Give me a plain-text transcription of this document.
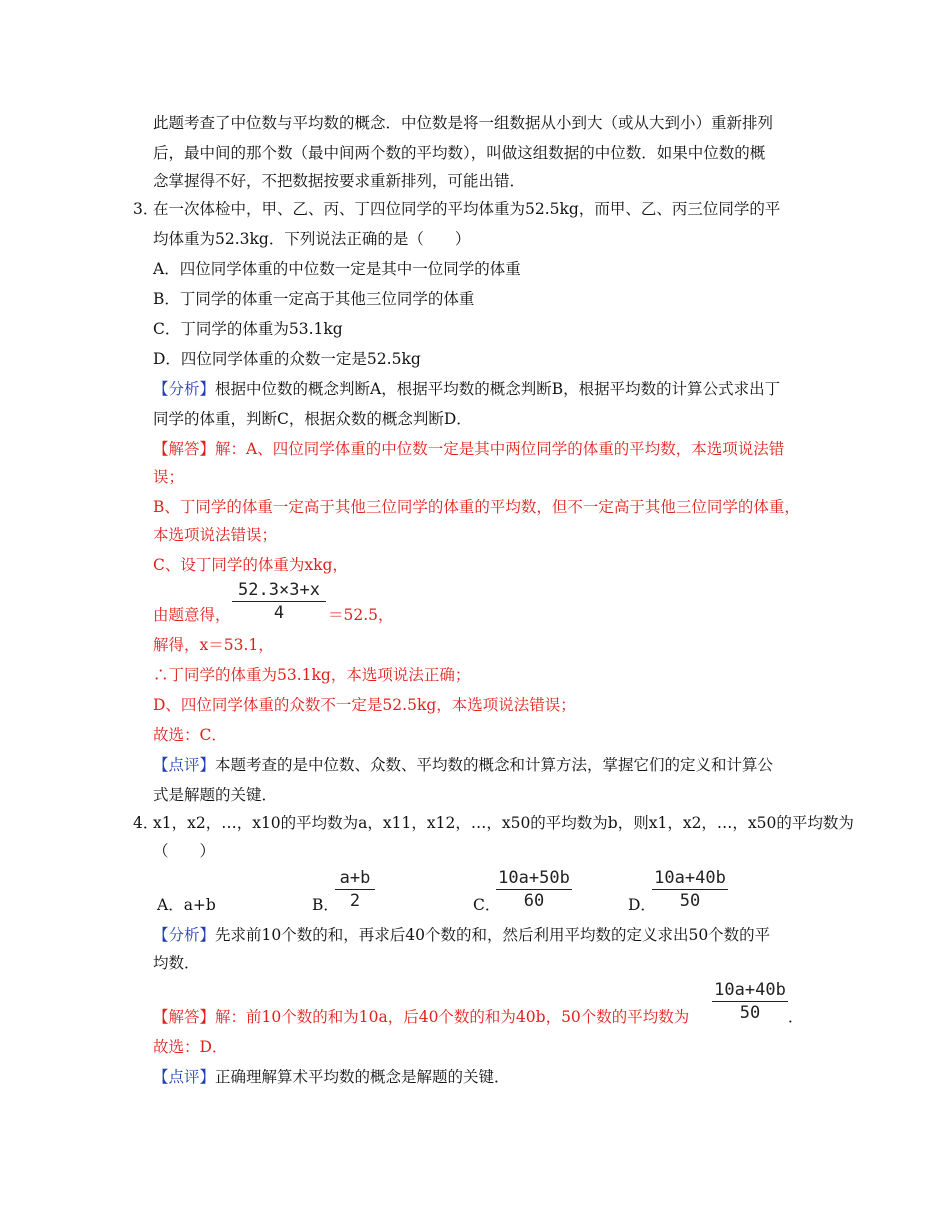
此题考查了中位数与平均数的概念．中位数是将一组数据从小到大（或从大到小）重新排列
后，最中间的那个数（最中间两个数的平均数），叫做这组数据的中位数．如果中位数的概
念掌握得不好，不把数据按要求重新排列，可能出错．
3．
在一次体检中，甲、乙、丙、丁四位同学的平均体重为52.5kg，而甲、乙、丙三位同学的平
均体重为52.3kg．下列说法正确的是（　　）
A．四位同学体重的中位数一定是其中一位同学的体重
B．丁同学的体重一定高于其他三位同学的体重
C．丁同学的体重为53.1kg
D．四位同学体重的众数一定是52.5kg
【分析】根据中位数的概念判断A，根据平均数的概念判断B，根据平均数的计算公式求出丁
同学的体重，判断C，根据众数的概念判断D．
【解答】解：A、四位同学体重的中位数一定是其中两位同学的体重的平均数，本选项说法错
误；
B、丁同学的体重一定高于其他三位同学的体重的平均数，但不一定高于其他三位同学的体重，
本选项说法错误；
C、设丁同学的体重为xkg，
由题意得，
52.3×3+x
4	＝52.5，
解得，x＝53.1，
∴丁同学的体重为53.1kg，本选项说法正确；
D、四位同学体重的众数不一定是52.5kg，本选项说法错误；
故选：C．
【点评】本题考查的是中位数、众数、平均数的概念和计算方法，掌握它们的定义和计算公
式是解题的关键．
4．
x1，x2，…，x10的平均数为a，x11，x12，…，x50的平均数为b，则x1，x2，…，x50的平均数为
（　　）
A．a+b	B．
a+b
2	C．
10a+50b
60	D．
10a+40b
50
【分析】先求前10个数的和，再求后40个数的和，然后利用平均数的定义求出50个数的平
均数．
【解答】解：前10个数的和为10a，后40个数的和为40b，50个数的平均数为
10a+40b
50	．
故选：D．
【点评】正确理解算术平均数的概念是解题的关键．
